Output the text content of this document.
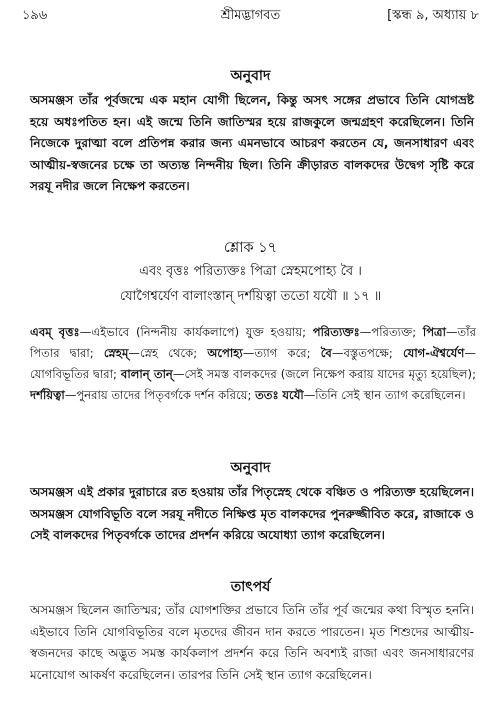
১৯৬	শ্রীমদ্ভাগবত	[স্কন্ধ ৯, অধ্যায় ৮
অনুবাদ

অসমঞ্জস তাঁর পূর্বজন্মে এক মহান যোগী ছিলেন, কিন্তু অসৎ সঙ্গের প্রভাবে তিনি যোগভ্রষ্ট হয়ে অধঃপতিত হন। এই জন্মে তিনি জাতিস্মর হয়ে রাজকুলে জন্মগ্রহণ করেছিলেন। তিনি নিজেকে দুরাত্মা বলে প্রতিপন্ন করার জন্য এমনভাবে আচরণ করতেন যে, জনসাধারণ এবং আত্মীয়-স্বজনের চক্ষে তা অত্যন্ত নিন্দনীয় ছিল। তিনি ক্রীড়ারত বালকদের উদ্বেগ সৃষ্টি করে সরযূ নদীর জলে নিক্ষেপ করতেন।

শ্লোক ১৭
এবং বৃত্তঃ পরিত্যক্তঃ পিত্রা স্নেহমপোহ্য বৈ ।
যোগৈশ্বর্যেণ বালাংস্তান্ দর্শয়িত্বা ততো যযৌ ॥ ১৭ ॥

এবম্ বৃত্তঃ—এইভাবে (নিন্দনীয় কার্যকলাপে) যুক্ত হওয়ায়; পরিত্যক্তঃ—পরিত্যক্ত; পিত্রা—তাঁর পিতার দ্বারা; স্নেহম্—স্নেহ থেকে; অপোহ্য—ত্যাগ করে; বৈ—বস্তুতপক্ষে; যোগ-ঐশ্বর্যেণ—যোগবিভূতির দ্বারা; বালান্ তান্—সেই সমস্ত বালকদের (জলে নিক্ষেপ করায় যাদের মৃত্যু হয়েছিল); দর্শয়িত্বা—পুনরায় তাদের পিতৃবর্গকে দর্শন করিয়ে; ততঃ যযৌ—তিনি সেই স্থান ত্যাগ করেছিলেন।

অনুবাদ

অসমঞ্জস এই প্রকার দুরাচারে রত হওয়ায় তাঁর পিতৃস্নেহ থেকে বঞ্চিত ও পরিত্যক্ত হয়েছিলেন। অসমঞ্জস যোগবিভূতি বলে সরযূ নদীতে নিক্ষিপ্ত মৃত বালকদের পুনরুজ্জীবিত করে, রাজাকে ও সেই বালকদের পিতৃবর্গকে তাদের প্রদর্শন করিয়ে অযোধ্যা ত্যাগ করেছিলেন।

তাৎপর্য

অসমঞ্জস ছিলেন জাতিস্মর; তাঁর যোগশক্তির প্রভাবে তিনি তাঁর পূর্ব জন্মের কথা বিস্মৃত হননি। এইভাবে তিনি যোগবিভূতির বলে মৃতদের জীবন দান করতে পারতেন। মৃত শিশুদের আত্মীয়-স্বজনদের কাছে অদ্ভুত সমস্ত কার্যকলাপ প্রদর্শন করে তিনি অবশ্যই রাজা এবং জনসাধারণের মনোযোগ আকর্ষণ করেছিলেন। তারপর তিনি সেই স্থান ত্যাগ করেছিলেন।
